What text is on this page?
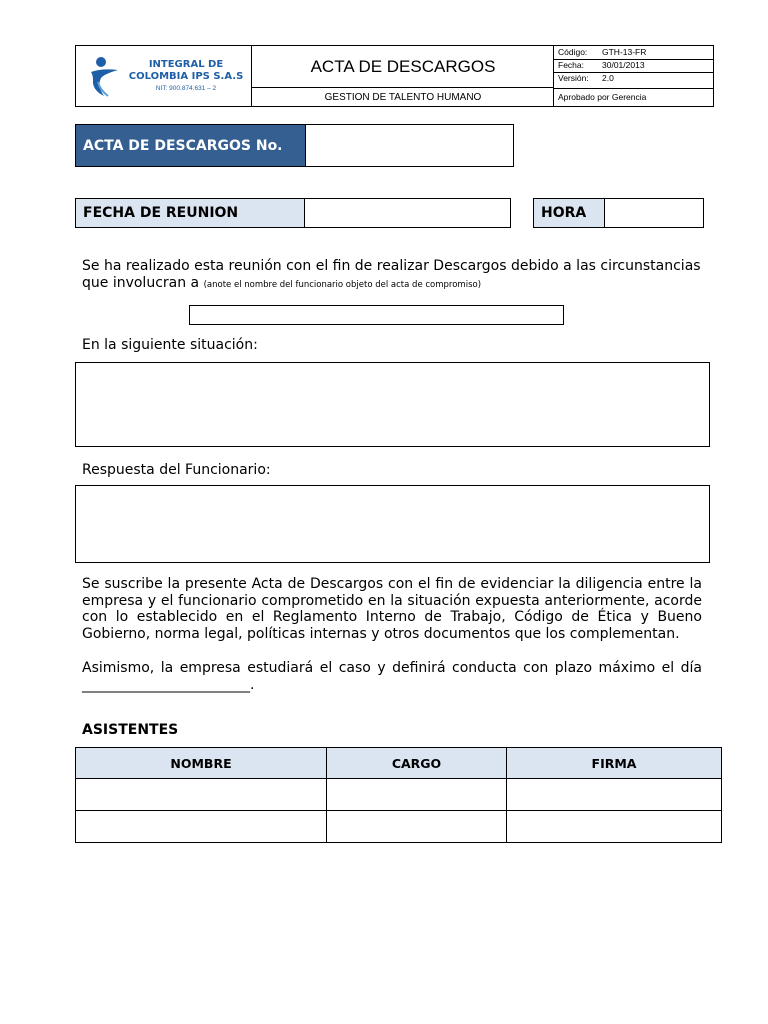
INTEGRAL DE
COLOMBIA IPS S.A.S
NIT: 900.874.631 – 2
ACTA DE DESCARGOS
GESTION DE TALENTO HUMANO
Código: GTH-13-FR
Fecha: 30/01/2013
Versión: 2.0
Aprobado por Gerencia
ACTA DE DESCARGOS No.
FECHA DE REUNION	HORA
Se ha realizado esta reunión con el fin de realizar Descargos debido a las circunstancias que involucran a (anote el nombre del funcionario objeto del acta de compromiso)
En la siguiente situación:
Respuesta del Funcionario:
Se suscribe la presente Acta de Descargos con el fin de evidenciar la diligencia entre la empresa y el funcionario comprometido en la situación expuesta anteriormente, acorde con lo establecido en el Reglamento Interno de Trabajo, Código de Ética y Bueno Gobierno, norma legal, políticas internas y otros documentos que los complementan.
Asimismo, la empresa estudiará el caso y definirá conducta con plazo máximo el día ________________________.
ASISTENTES
NOMBRE	CARGO	FIRMA
